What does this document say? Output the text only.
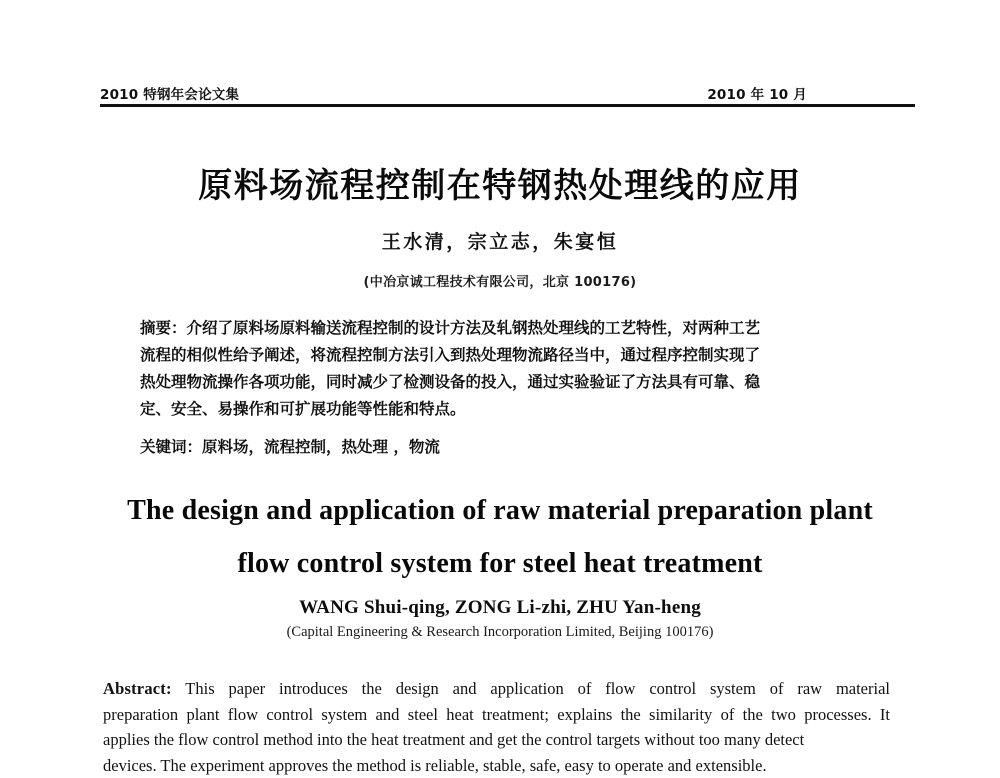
2010 特钢年会论文集	2010 年 10 月
原料场流程控制在特钢热处理线的应用
王水清，宗立志，朱宴恒
(中冶京诚工程技术有限公司，北京 100176)
摘要：介绍了原料场原料输送流程控制的设计方法及轧钢热处理线的工艺特性，对两种工艺
流程的相似性给予阐述，将流程控制方法引入到热处理物流路径当中，通过程序控制实现了
热处理物流操作各项功能，同时减少了检测设备的投入，通过实验验证了方法具有可靠、稳
定、安全、易操作和可扩展功能等性能和特点。
关键词：原料场，流程控制，热处理 ，物流
The design and application of raw material preparation plant
flow control system for steel heat treatment
WANG Shui-qing, ZONG Li-zhi, ZHU Yan-heng
(Capital Engineering & Research Incorporation Limited, Beijing 100176)
Abstract: This paper introduces the design and application of flow control system of raw material
preparation plant flow control system and steel heat treatment; explains the similarity of the two processes. It
applies the flow control method into the heat treatment and get the control targets without too many detect
devices. The experiment approves the method is reliable, stable, safe, easy to operate and extensible.
